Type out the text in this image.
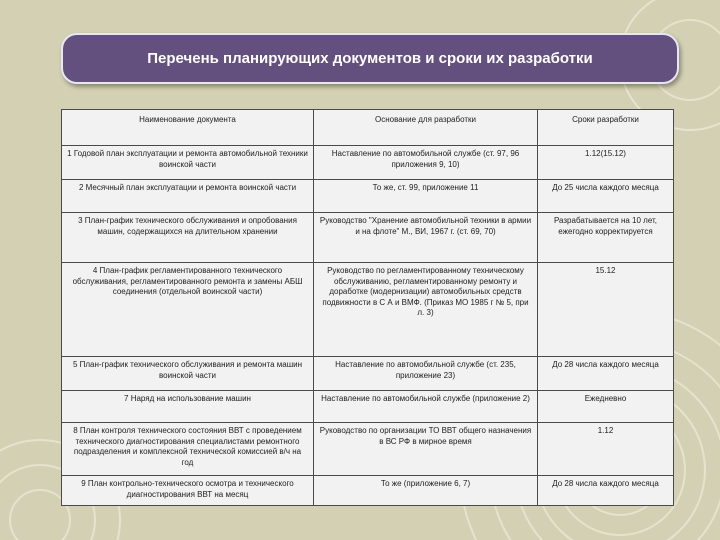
Перечень планирующих документов и сроки их разработки
Наименование документа	Основание для разработки	Сроки разработки
1 Годовой план эксплуатации и ремонта автомобильной техники воинской части	Наставление по автомобильной службе (ст. 97, 96 приложения 9, 10)	1.12(15.12)
2 Месячный план эксплуатации и ремонта воинской части	То же, ст. 99, приложение 11	До 25 числа каждого месяца
3 План-график технического обслуживания и опробования машин, содержащихся на длительном хранении	Руководство "Хранение автомобильной техники в армии и на флоте" М., ВИ, 1967 г. (ст. 69, 70)	Разрабатывается на 10 лет, ежегодно корректируется
4 План-график регламентированного технического обслуживания, регламентированного ремонта и замены АБШ соединения (отдельной воинской части)	Руководство по регламентированному техническому обслуживанию, регламентированному ремонту и доработке (модернизации) автомобильных средств подвижности в С А и ВМФ. (Приказ МО 1985 г № 5, при л. 3)	15.12
5 План-график технического обслуживания и ремонта машин воинской части	Наставление по автомобильной службе (ст. 235, приложение 23)	До 28 числа каждого месяца
7 Наряд на использование машин	Наставление по автомобильной службе (приложение 2)	Ежедневно
8 План контроля технического состояния ВВТ с проведением технического диагностирования специалистами ремонтного подразделения и комплексной технической комиссией в/ч на год	Руководство по организации ТО ВВТ общего назначения в ВС РФ в мирное время	1.12
9 План контрольно-технического осмотра и технического диагностирования ВВТ на месяц	То же (приложение 6, 7)	До 28 числа каждого месяца
